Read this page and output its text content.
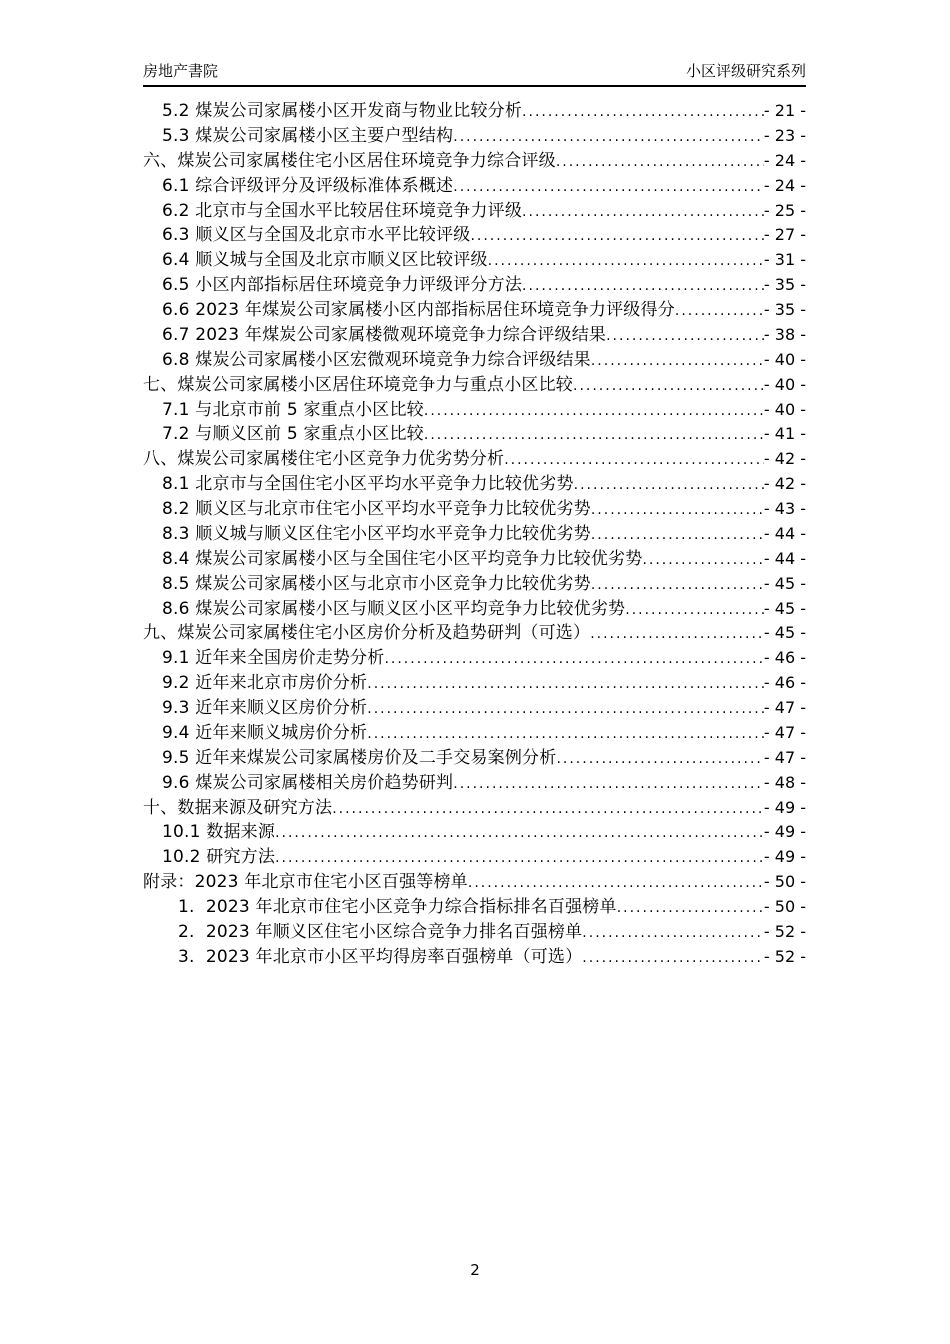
房地产書院	小区评级研究系列
5.2 煤炭公司家属楼小区开发商与物业比较分析 .....	- 21 -
5.3 煤炭公司家属楼小区主要户型结构 .....	- 23 -
六、煤炭公司家属楼住宅小区居住环境竞争力综合评级 .....	- 24 -
6.1 综合评级评分及评级标准体系概述 .....	- 24 -
6.2 北京市与全国水平比较居住环境竞争力评级 .....	- 25 -
6.3 顺义区与全国及北京市水平比较评级 .....	- 27 -
6.4 顺义城与全国及北京市顺义区比较评级 .....	- 31 -
6.5 小区内部指标居住环境竞争力评级评分方法 .....	- 35 -
6.6 2023 年煤炭公司家属楼小区内部指标居住环境竞争力评级得分 .....	- 35 -
6.7 2023 年煤炭公司家属楼微观环境竞争力综合评级结果 .....	- 38 -
6.8 煤炭公司家属楼小区宏微观环境竞争力综合评级结果 .....	- 40 -
七、煤炭公司家属楼小区居住环境竞争力与重点小区比较 .....	- 40 -
7.1 与北京市前 5 家重点小区比较 .....	- 40 -
7.2 与顺义区前 5 家重点小区比较 .....	- 41 -
八、煤炭公司家属楼住宅小区竞争力优劣势分析 .....	- 42 -
8.1 北京市与全国住宅小区平均水平竞争力比较优劣势 .....	- 42 -
8.2 顺义区与北京市住宅小区平均水平竞争力比较优劣势 .....	- 43 -
8.3 顺义城与顺义区住宅小区平均水平竞争力比较优劣势 .....	- 44 -
8.4 煤炭公司家属楼小区与全国住宅小区平均竞争力比较优劣势 .....	- 44 -
8.5 煤炭公司家属楼小区与北京市小区竞争力比较优劣势 .....	- 45 -
8.6 煤炭公司家属楼小区与顺义区小区平均竞争力比较优劣势 .....	- 45 -
九、煤炭公司家属楼住宅小区房价分析及趋势研判（可选） .....	- 45 -
9.1 近年来全国房价走势分析 .....	- 46 -
9.2 近年来北京市房价分析 .....	- 46 -
9.3 近年来顺义区房价分析 .....	- 47 -
9.4 近年来顺义城房价分析 .....	- 47 -
9.5 近年来煤炭公司家属楼房价及二手交易案例分析 .....	- 47 -
9.6 煤炭公司家属楼相关房价趋势研判 .....	- 48 -
十、数据来源及研究方法 .....	- 49 -
10.1 数据来源 .....	- 49 -
10.2 研究方法 .....	- 49 -
附录：2023 年北京市住宅小区百强等榜单 .....	- 50 -
1.  2023 年北京市住宅小区竞争力综合指标排名百强榜单 .....	- 50 -
2.  2023 年顺义区住宅小区综合竞争力排名百强榜单 .....	- 52 -
3.  2023 年北京市小区平均得房率百强榜单（可选） .....	- 52 -
2
